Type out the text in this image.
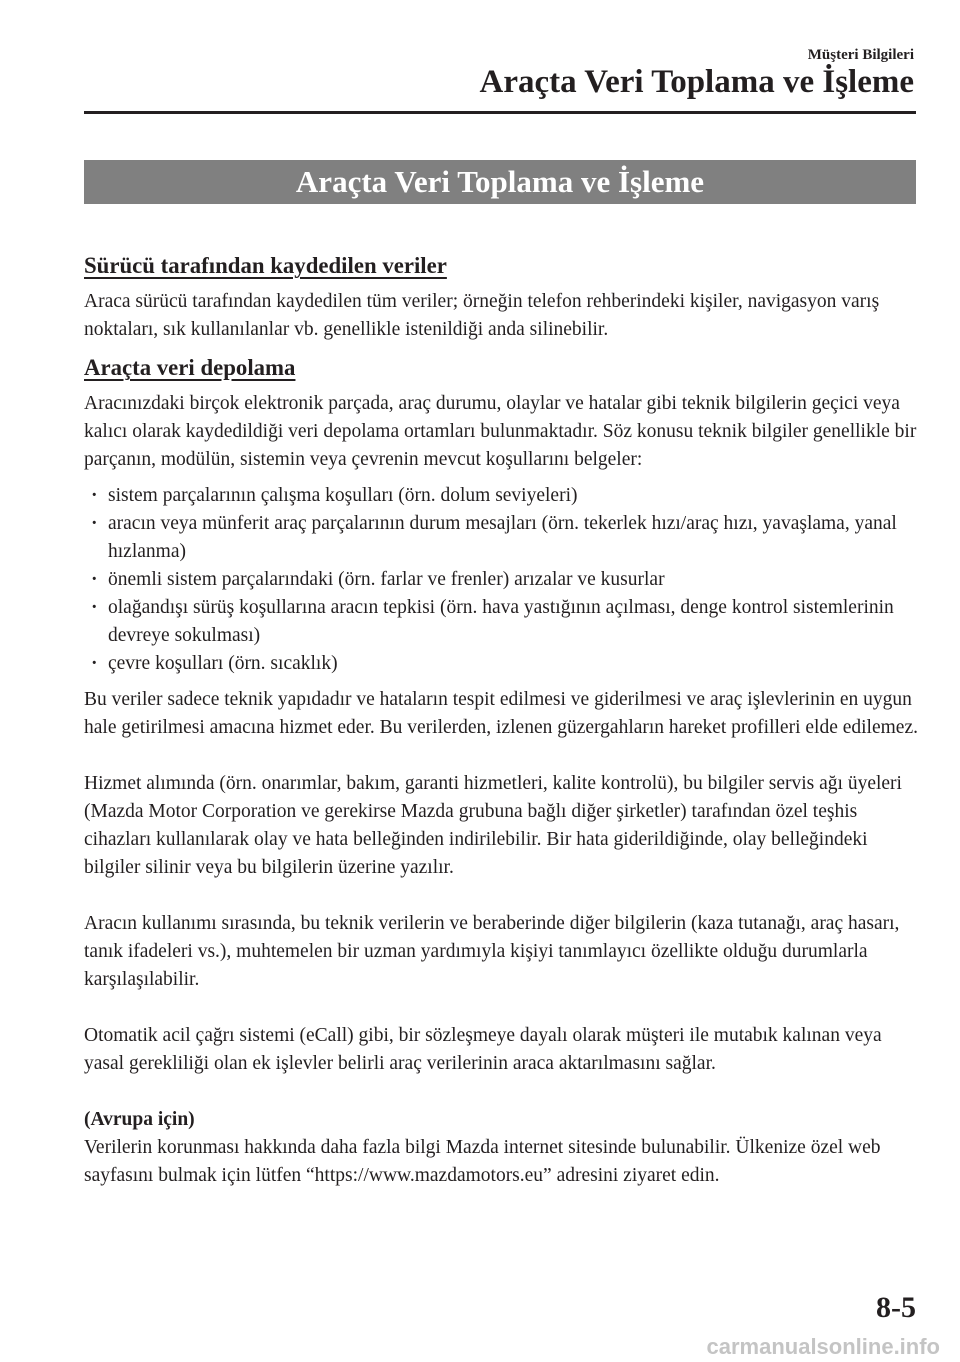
Müşteri Bilgileri
Araçta Veri Toplama ve İşleme
Araçta Veri Toplama ve İşleme
Sürücü tarafından kaydedilen veriler

Araca sürücü tarafından kaydedilen tüm veriler; örneğin telefon rehberindeki kişiler, navigasyon varış noktaları, sık kullanılanlar vb. genellikle istenildiği anda silinebilir.

Araçta veri depolama

Aracınızdaki birçok elektronik parçada, araç durumu, olaylar ve hatalar gibi teknik bilgilerin geçici veya kalıcı olarak kaydedildiği veri depolama ortamları bulunmaktadır. Söz konusu teknik bilgiler genellikle bir parçanın, modülün, sistemin veya çevrenin mevcut koşullarını belgeler:

· sistem parçalarının çalışma koşulları (örn. dolum seviyeleri)
· aracın veya münferit araç parçalarının durum mesajları (örn. tekerlek hızı/araç hızı, yavaşlama, yanal hızlanma)
· önemli sistem parçalarındaki (örn. farlar ve frenler) arızalar ve kusurlar
· olağandışı sürüş koşullarına aracın tepkisi (örn. hava yastığının açılması, denge kontrol sistemlerinin devreye sokulması)
· çevre koşulları (örn. sıcaklık)

Bu veriler sadece teknik yapıdadır ve hataların tespit edilmesi ve giderilmesi ve araç işlevlerinin en uygun hale getirilmesi amacına hizmet eder. Bu verilerden, izlenen güzergahların hareket profilleri elde edilemez.

Hizmet alımında (örn. onarımlar, bakım, garanti hizmetleri, kalite kontrolü), bu bilgiler servis ağı üyeleri (Mazda Motor Corporation ve gerekirse Mazda grubuna bağlı diğer şirketler) tarafından özel teşhis cihazları kullanılarak olay ve hata belleğinden indirilebilir. Bir hata giderildiğinde, olay belleğindeki bilgiler silinir veya bu bilgilerin üzerine yazılır.

Aracın kullanımı sırasında, bu teknik verilerin ve beraberinde diğer bilgilerin (kaza tutanağı, araç hasarı, tanık ifadeleri vs.), muhtemelen bir uzman yardımıyla kişiyi tanımlayıcı özellikte olduğu durumlarla karşılaşılabilir.

Otomatik acil çağrı sistemi (eCall) gibi, bir sözleşmeye dayalı olarak müşteri ile mutabık kalınan veya yasal gerekliliği olan ek işlevler belirli araç verilerinin araca aktarılmasını sağlar.

(Avrupa için)

Verilerin korunması hakkında daha fazla bilgi Mazda internet sitesinde bulunabilir. Ülkenize özel web sayfasını bulmak için lütfen “https://www.mazdamotors.eu” adresini ziyaret edin.

8-5
carmanualsonline.info
